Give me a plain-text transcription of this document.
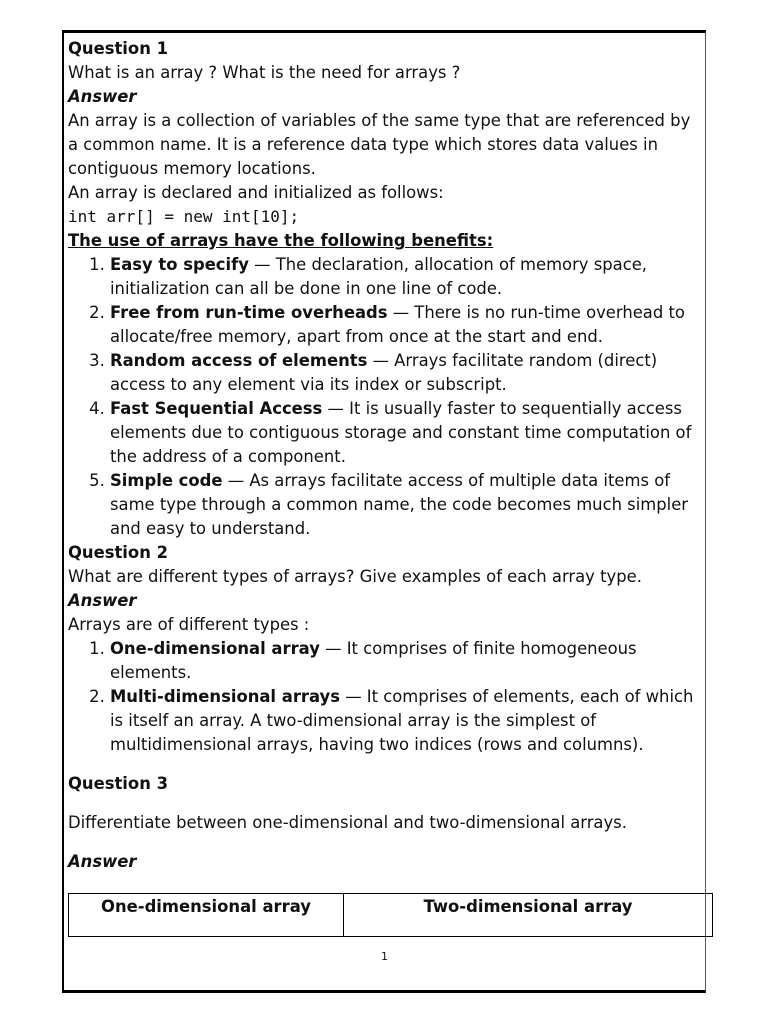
Question 1

What is an array ? What is the need for arrays ?

Answer

An array is a collection of variables of the same type that are referenced by a common name. It is a reference data type which stores data values in contiguous memory locations.

An array is declared and initialized as follows:

int arr[] = new int[10];

The use of arrays have the following benefits:

1. Easy to specify — The declaration, allocation of memory space, initialization can all be done in one line of code.
2. Free from run-time overheads — There is no run-time overhead to allocate/free memory, apart from once at the start and end.
3. Random access of elements — Arrays facilitate random (direct) access to any element via its index or subscript.
4. Fast Sequential Access — It is usually faster to sequentially access elements due to contiguous storage and constant time computation of the address of a component.
5. Simple code — As arrays facilitate access of multiple data items of same type through a common name, the code becomes much simpler and easy to understand.

Question 2

What are different types of arrays? Give examples of each array type.

Answer

Arrays are of different types :

1. One-dimensional array — It comprises of finite homogeneous elements.
2. Multi-dimensional arrays — It comprises of elements, each of which is itself an array. A two-dimensional array is the simplest of multidimensional arrays, having two indices (rows and columns).

Question 3

Differentiate between one-dimensional and two-dimensional arrays.

Answer

One-dimensional array	Two-dimensional array
1
